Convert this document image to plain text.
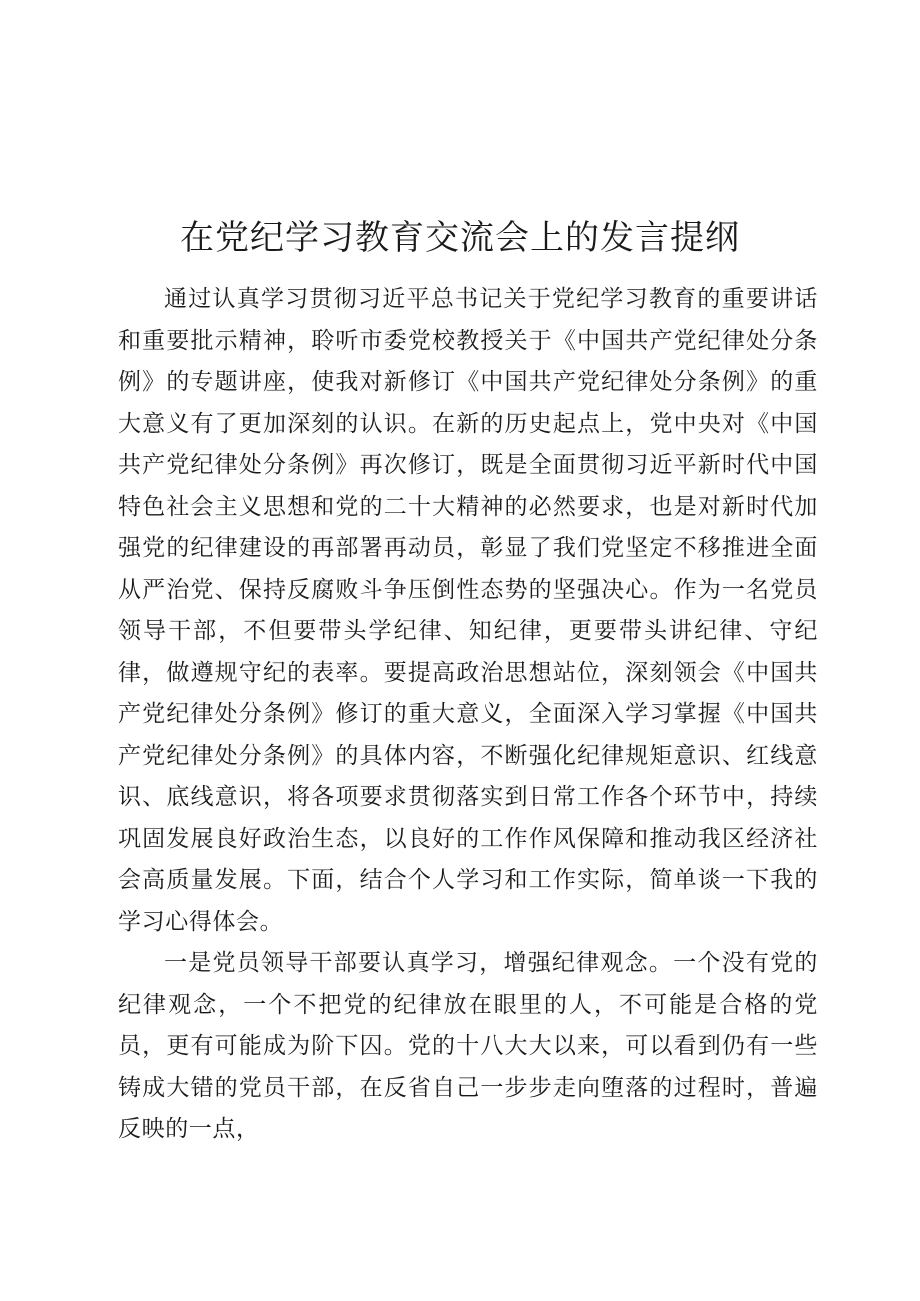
在党纪学习教育交流会上的发言提纲

通过认真学习贯彻习近平总书记关于党纪学习教育的重要讲话和重要批示精神，聆听市委党校教授关于《中国共产党纪律处分条例》的专题讲座，使我对新修订《中国共产党纪律处分条例》的重大意义有了更加深刻的认识。在新的历史起点上，党中央对《中国共产党纪律处分条例》再次修订，既是全面贯彻习近平新时代中国特色社会主义思想和党的二十大精神的必然要求，也是对新时代加强党的纪律建设的再部署再动员，彰显了我们党坚定不移推进全面从严治党、保持反腐败斗争压倒性态势的坚强决心。作为一名党员领导干部，不但要带头学纪律、知纪律，更要带头讲纪律、守纪律，做遵规守纪的表率。要提高政治思想站位，深刻领会《中国共产党纪律处分条例》修订的重大意义，全面深入学习掌握《中国共产党纪律处分条例》的具体内容，不断强化纪律规矩意识、红线意识、底线意识，将各项要求贯彻落实到日常工作各个环节中，持续巩固发展良好政治生态，以良好的工作作风保障和推动我区经济社会高质量发展。下面，结合个人学习和工作实际，简单谈一下我的学习心得体会。

一是党员领导干部要认真学习，增强纪律观念。一个没有党的纪律观念，一个不把党的纪律放在眼里的人，不可能是合格的党员，更有可能成为阶下囚。党的十八大大以来，可以看到仍有一些铸成大错的党员干部，在反省自己一步步走向堕落的过程时，普遍反映的一点，
